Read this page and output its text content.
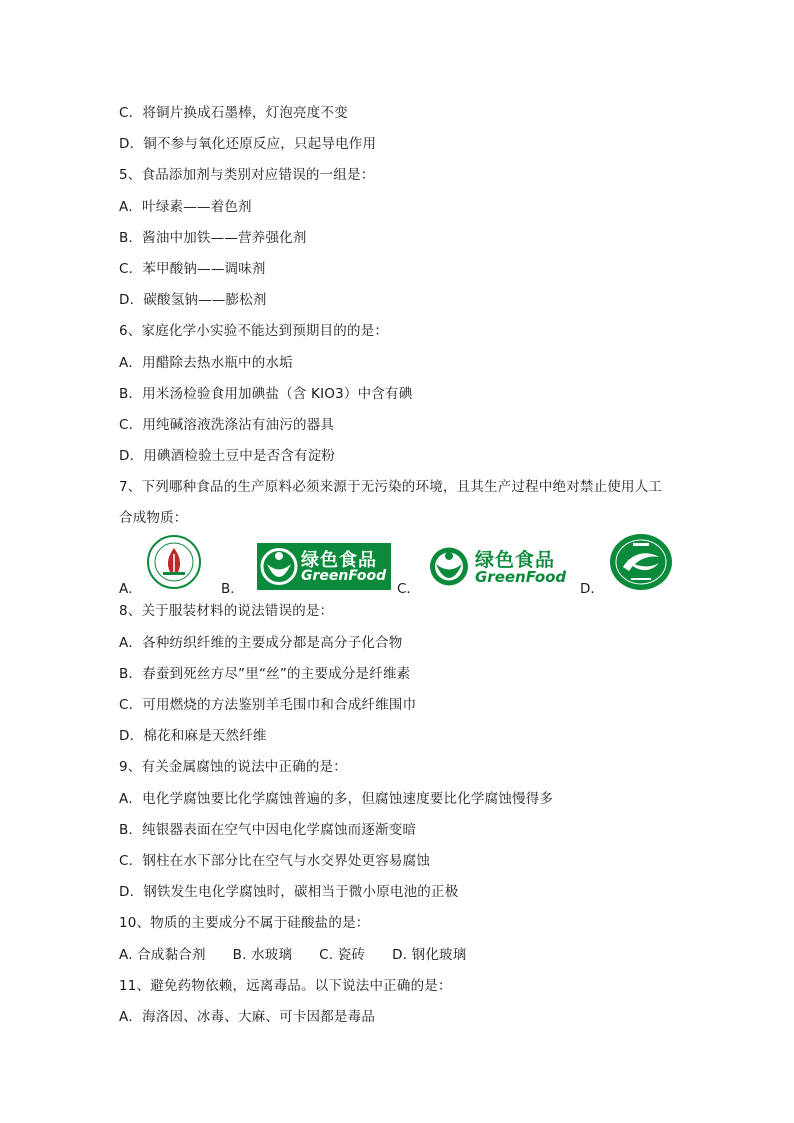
C．将铜片换成石墨棒，灯泡亮度不变
D．铜不参与氧化还原反应，只起导电作用
5、食品添加剂与类别对应错误的一组是：
A．叶绿素——着色剂
B．酱油中加铁——营养强化剂
C．苯甲酸钠——调味剂
D．碳酸氢钠——膨松剂
6、家庭化学小实验不能达到预期目的的是：
A．用醋除去热水瓶中的水垢
B．用米汤检验食用加碘盐（含 KIO3）中含有碘
C．用纯碱溶液洗涤沾有油污的器具
D．用碘酒检验土豆中是否含有淀粉
7、下列哪种食品的生产原料必须来源于无污染的环境，且其生产过程中绝对禁止使用人工
合成物质：
A．	B．
绿色食品
GreenFood
C．
绿色食品
GreenFood
D．
8、关于服装材料的说法错误的是：
A．各种纺织纤维的主要成分都是高分子化合物
B．春蚕到死丝方尽”里“丝”的主要成分是纤维素
C．可用燃烧的方法鉴别羊毛围巾和合成纤维围巾
D．棉花和麻是天然纤维
9、有关金属腐蚀的说法中正确的是：
A．电化学腐蚀要比化学腐蚀普遍的多，但腐蚀速度要比化学腐蚀慢得多
B．纯银器表面在空气中因电化学腐蚀而逐渐变暗
C．钢柱在水下部分比在空气与水交界处更容易腐蚀
D．钢铁发生电化学腐蚀时，碳相当于微小原电池的正极
10、物质的主要成分不属于硅酸盐的是：
A. 合成黏合剂      B. 水玻璃      C. 瓷砖      D. 钢化玻璃
11、避免药物依赖，远离毒品。以下说法中正确的是：
A．海洛因、冰毒、大麻、可卡因都是毒品
